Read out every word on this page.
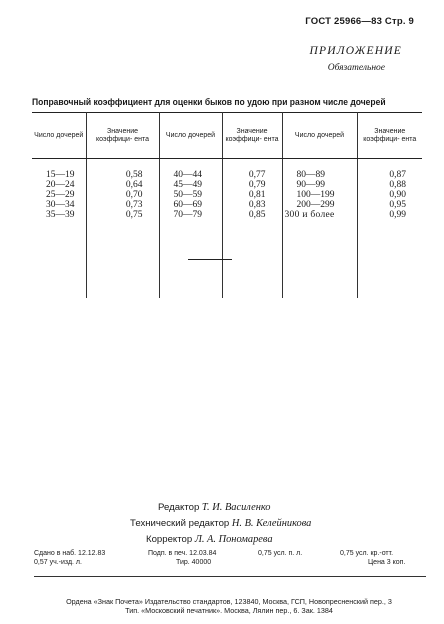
ГОСТ 25966—83 Стр. 9
ПРИЛОЖЕНИЕ
Обязательное
Поправочный коэффициент для оценки быков по удою при разном числе дочерей
Число дочерей	Значение коэффици- ента	Число дочерей	Значение коэффици- ента	Число дочерей	Значение коэффици- ента
15—19	0,58	40—44	0,77	80—89	0,87
20—24	0,64	45—49	0,79	90—99	0,88
25—29	0,70	50—59	0,81	100—199	0,90
30—34	0,73	60—69	0,83	200—299	0,95
35—39	0,75	70—79	0,85	300 и более	0,99
Редактор Т. И. Василенко
Технический редактор Н. В. Келейникова
Корректор Л. А. Пономарева
Сдано в наб. 12.12.83	Подп. в печ. 12.03.84	0,75 усл. п. л.	0,75 усл. кр.-отт.
0,57 уч.-изд. л.	Тир. 40000	Цена 3 коп.
Ордена «Знак Почета» Издательство стандартов, 123840, Москва, ГСП, Новопресненский пер., 3
Тип. «Московский печатник». Москва, Лялин пер., 6. Зак. 1384
